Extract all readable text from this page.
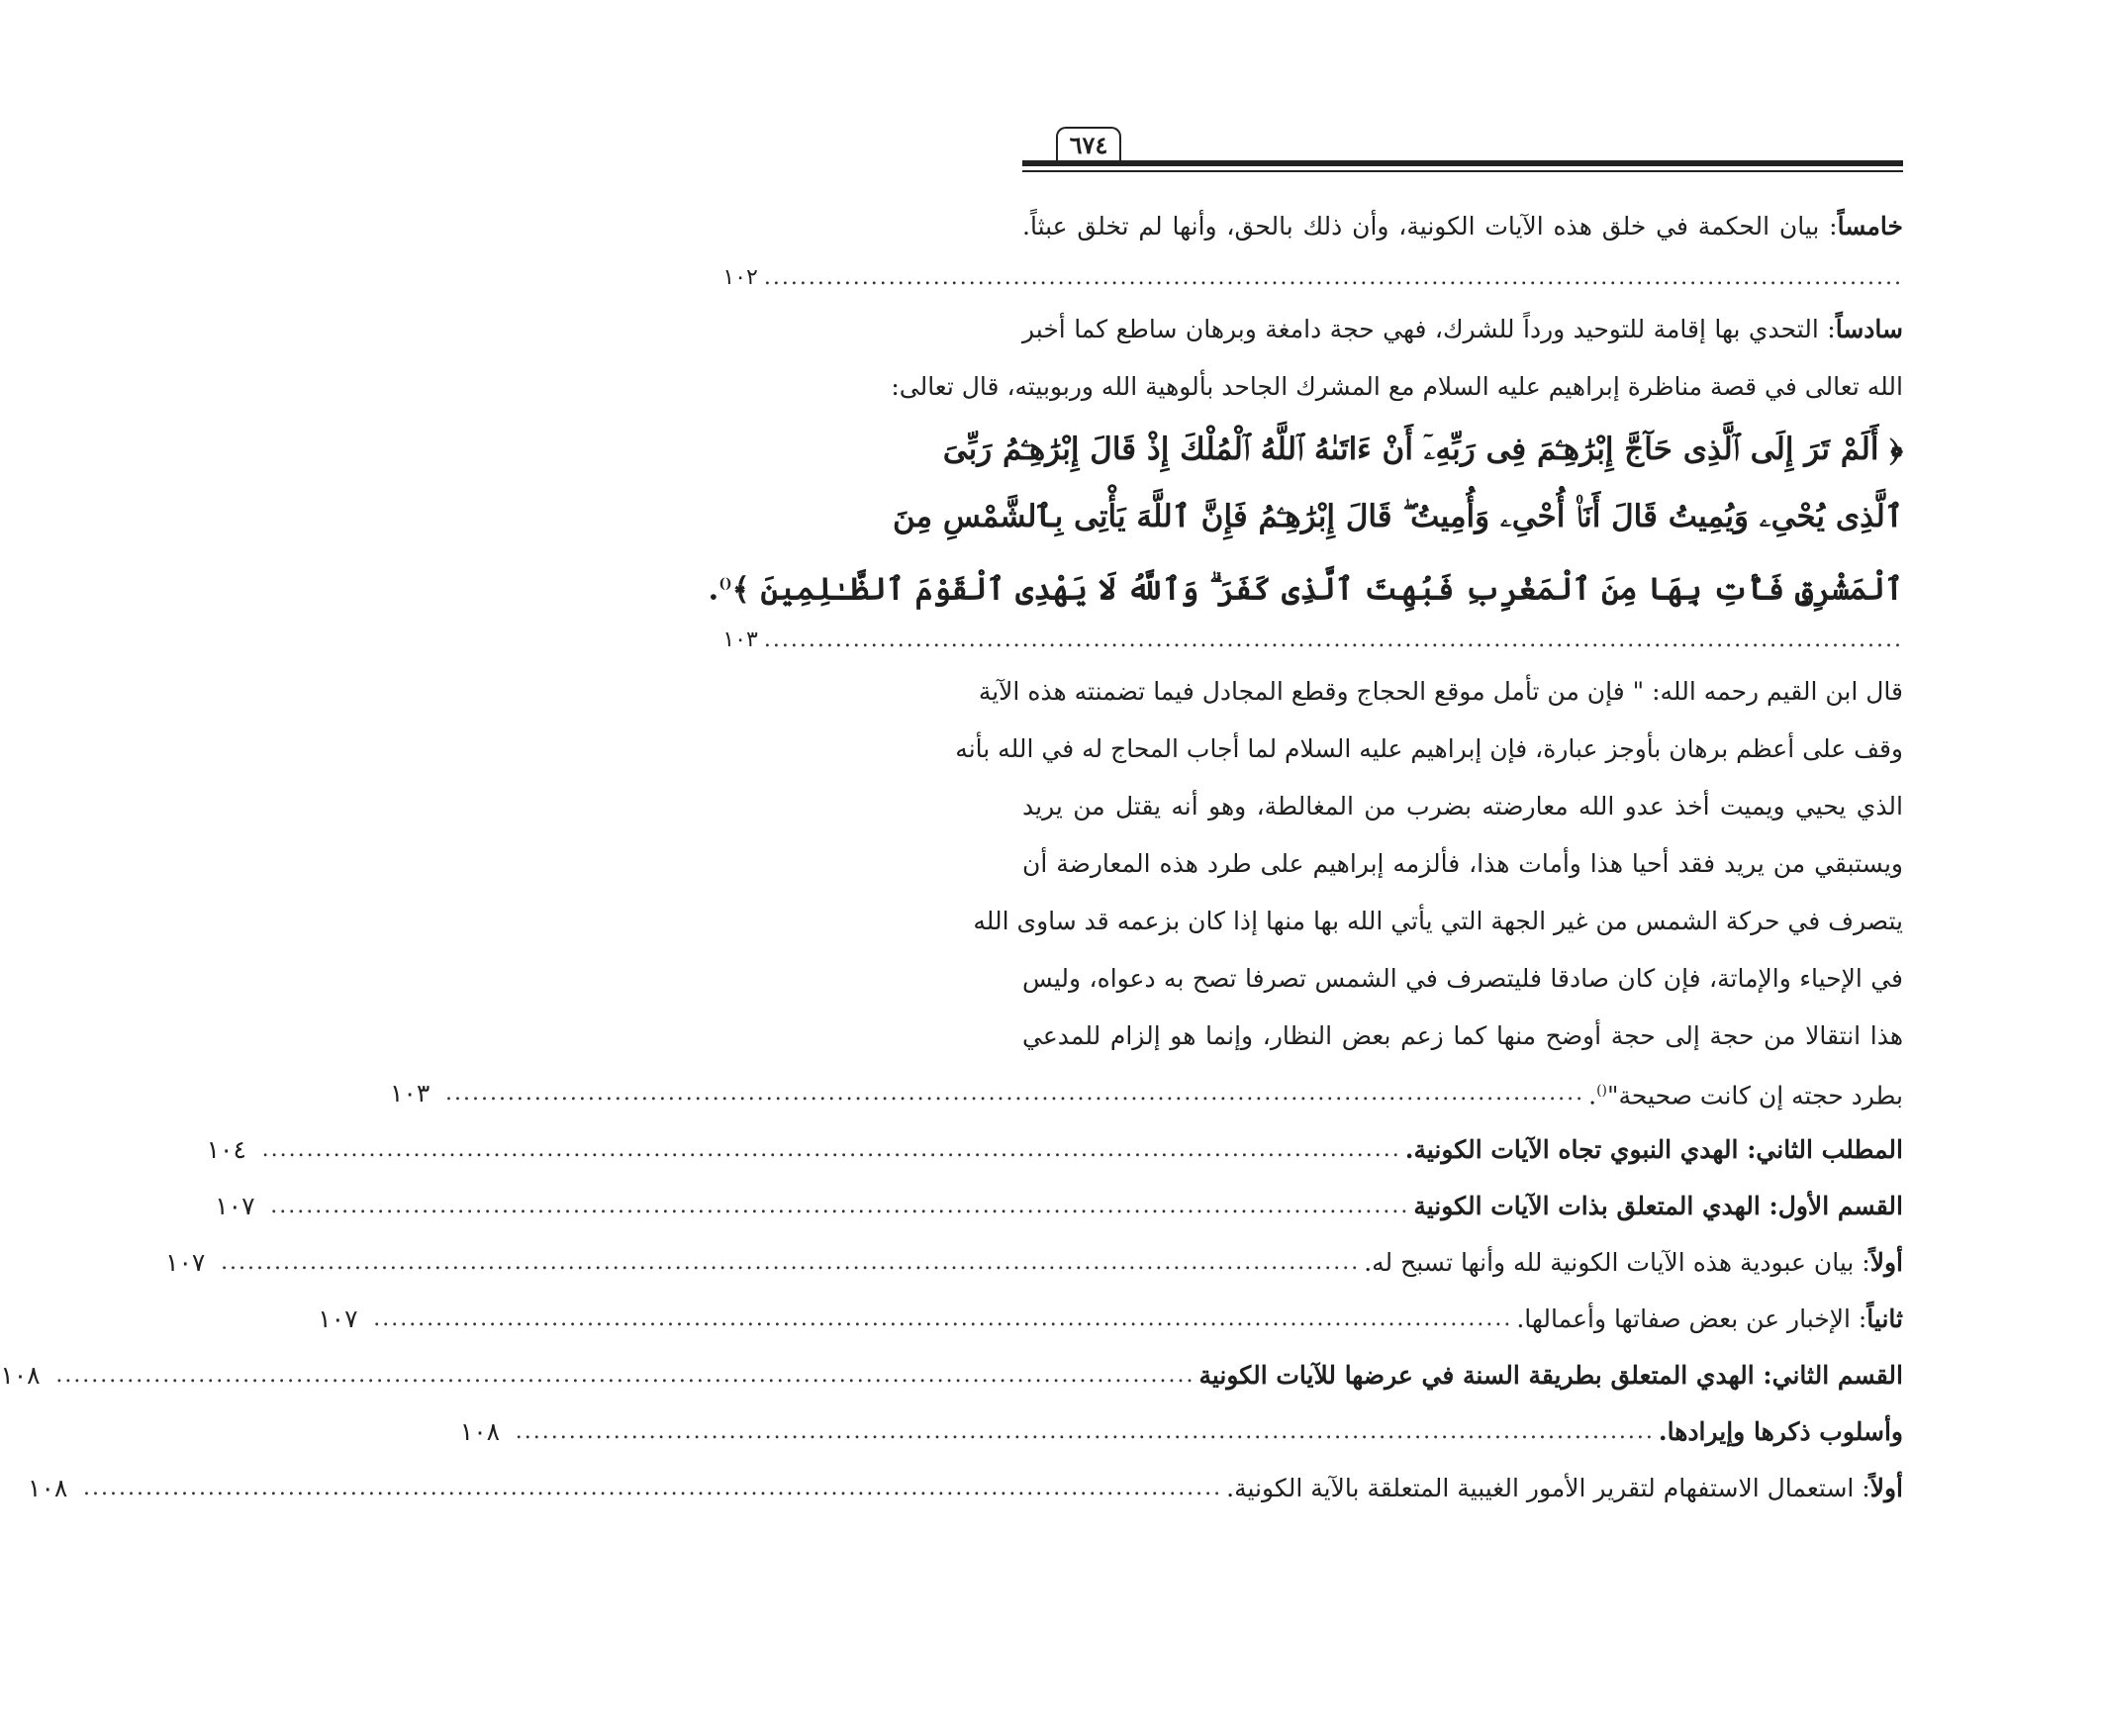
٦٧٤
خامساً: بيان الحكمة في خلق هذه الآيات الكونية، وأن ذلك بالحق، وأنها لم تخلق عبثاً.
................................................................................................................................
١٠٢
سادساً: التحدي بها إقامة للتوحيد ورداً للشرك، فهي حجة دامغة وبرهان ساطع كما أخبر
الله تعالى في قصة مناظرة إبراهيم عليه السلام مع المشرك الجاحد بألوهية الله وربوبيته، قال تعالى:
﴿ أَلَمْ تَرَ إِلَى ٱلَّذِى حَآجَّ إِبْرَٰهِـۧمَ فِى رَبِّهِۦٓ أَنْ ءَاتَىٰهُ ٱللَّهُ ٱلْمُلْكَ إِذْ قَالَ إِبْرَٰهِـۧمُ رَبِّىَ
ٱلَّذِى يُحْىِۦ وَيُمِيتُ قَالَ أَنَا۠ أُحْىِۦ وَأُمِيتُ ۖ قَالَ إِبْرَٰهِـۧمُ فَإِنَّ ٱللَّهَ يَأْتِى بِٱلشَّمْسِ مِنَ
ٱلْمَشْرِقِ فَأْتِ بِهَا مِنَ ٱلْمَغْرِبِ فَبُهِتَ ٱلَّذِى كَفَرَ ۗ وَٱللَّهُ لَا يَهْدِى ٱلْقَوْمَ ٱلظَّـٰلِمِينَ ﴾().
................................................................................................................................
١٠٣
قال ابن القيم رحمه الله: " فإن من تأمل موقع الحجاج وقطع المجادل فيما تضمنته هذه الآية
وقف على أعظم برهان بأوجز عبارة، فإن إبراهيم عليه السلام لما أجاب المحاج له في الله بأنه
الذي يحيي ويميت أخذ عدو الله معارضته بضرب من المغالطة، وهو أنه يقتل من يريد
ويستبقي من يريد فقد أحيا هذا وأمات هذا، فألزمه إبراهيم على طرد هذه المعارضة أن
يتصرف في حركة الشمس من غير الجهة التي يأتي الله بها منها إذا كان بزعمه قد ساوى الله
في الإحياء والإماتة، فإن كان صادقا فليتصرف في الشمس تصرفا تصح به دعواه، وليس
هذا انتقالا من حجة إلى حجة أوضح منها كما زعم بعض النظار، وإنما هو إلزام للمدعي
بطرد حجته إن كانت صحيحة"().
................................................................................................................................
١٠٣
المطلب الثاني: الهدي النبوي تجاه الآيات الكونية.
................................................................................................................................
١٠٤
القسم الأول: الهدي المتعلق بذات الآيات الكونية
................................................................................................................................
١٠٧
أولاً: بيان عبودية هذه الآيات الكونية لله وأنها تسبح له.
................................................................................................................................
١٠٧
ثانياً: الإخبار عن بعض صفاتها وأعمالها.
................................................................................................................................
١٠٧
القسم الثاني: الهدي المتعلق بطريقة السنة في عرضها للآيات الكونية
................................................................................................................................
١٠٨
وأسلوب ذكرها وإيرادها.
................................................................................................................................
١٠٨
أولاً: استعمال الاستفهام لتقرير الأمور الغيبية المتعلقة بالآية الكونية.
................................................................................................................................
١٠٨
